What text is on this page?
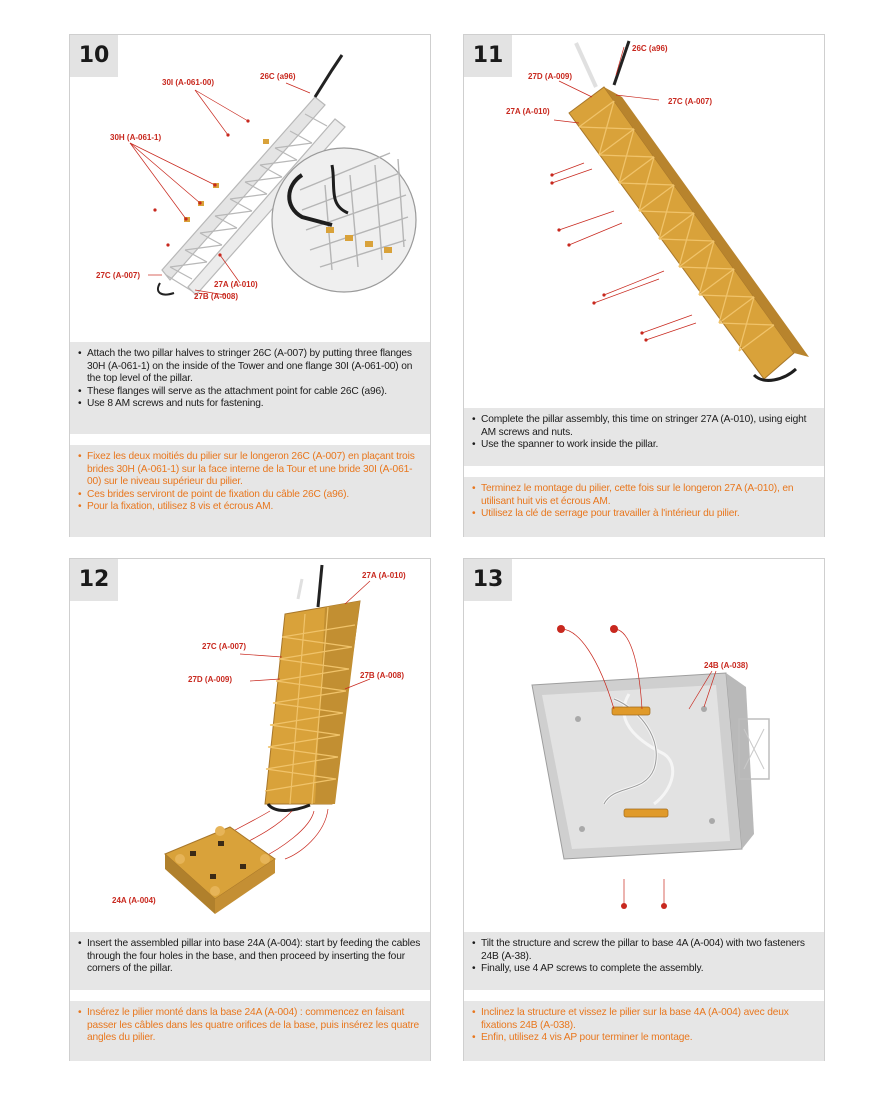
10
30I (A-061-00)
26C (a96)
30H (A-061-1)
27C (A-007)
27A (A-010)
27B (A-008)
• Attach the two pillar halves to stringer 26C (A-007) by putting three flanges 30H (A-061-1) on the inside of the Tower and one flange 30I (A-061-00) on the top level of the pillar.
• These flanges will serve as the attachment point for cable 26C (a96).
• Use 8 AM screws and nuts for fastening.
• Fixez les deux moitiés du pilier sur le longeron 26C (A-007) en plaçant trois brides 30H (A-061-1) sur la face interne de la Tour et une bride 30I (A-061-00) sur le niveau supérieur du pilier.
• Ces brides serviront de point de fixation du câble 26C (a96).
• Pour la fixation, utilisez 8 vis et écrous AM.
11	26C (a96)
27D (A-009)
27C (A-007)
27A (A-010)
• Complete the pillar assembly, this time on stringer 27A (A-010), using eight AM screws and nuts.
• Use the spanner to work inside the pillar.
• Terminez le montage du pilier, cette fois sur le longeron 27A (A-010), en utilisant huit vis et écrous AM.
• Utilisez la clé de serrage pour travailler à l'intérieur du pilier.
12	27A (A-010)
27C (A-007)
27D (A-009)	27B (A-008)
24A (A-004)
• Insert the assembled pillar into base 24A (A-004): start by feeding the cables through the four holes in the base, and then proceed by inserting the four corners of the pillar.
• Insérez le pilier monté dans la base 24A (A-004) : commencez en faisant passer les câbles dans les quatre orifices de la base, puis insérez les quatre angles du pilier.
13
24B (A-038)
• Tilt the structure and screw the pillar to base 4A (A-004) with two fasteners 24B (A-38).
• Finally, use 4 AP screws to complete the assembly.
• Inclinez la structure et vissez le pilier sur la base 4A (A-004) avec deux fixations 24B (A-038).
• Enfin, utilisez 4 vis AP pour terminer le montage.
